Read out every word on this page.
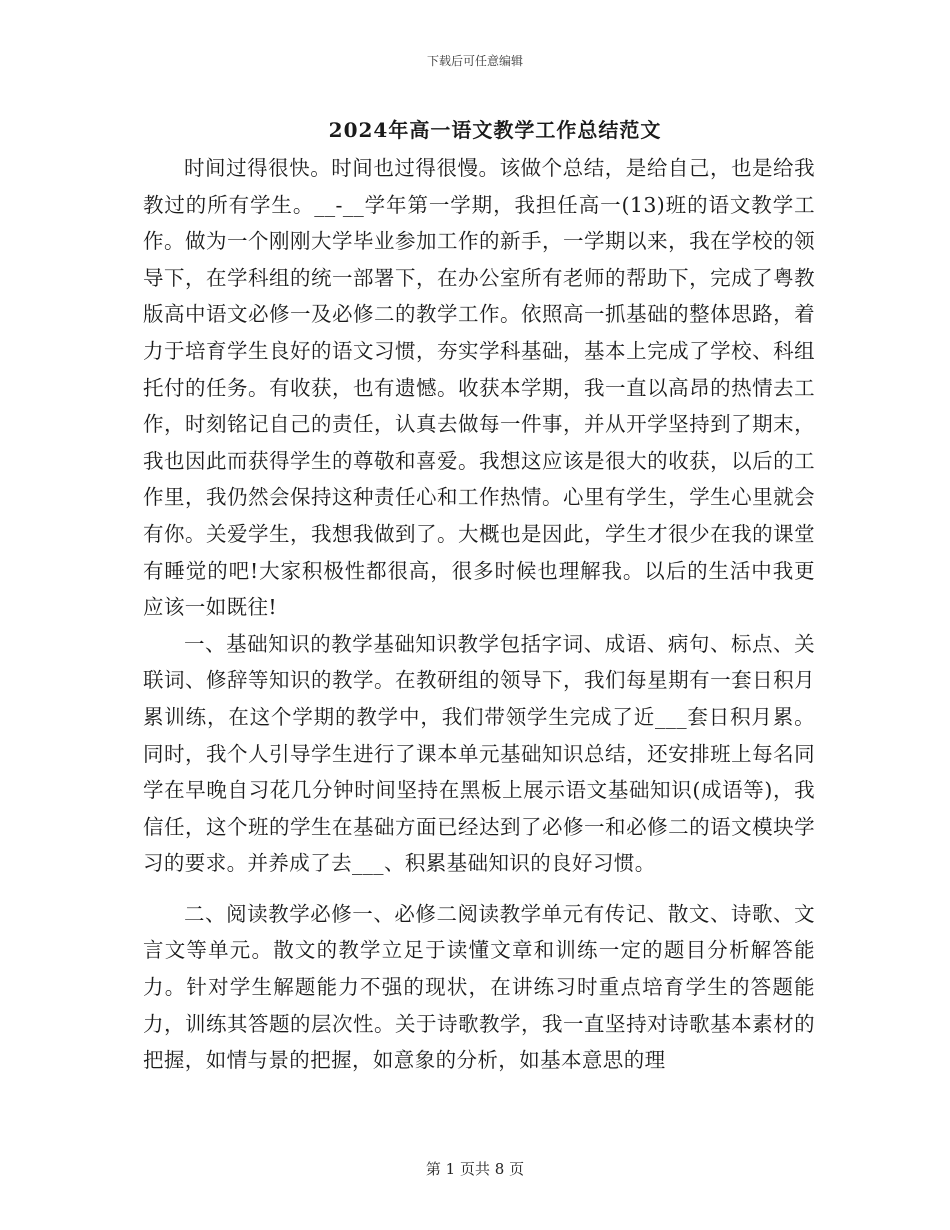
下载后可任意编辑
2024年高一语文教学工作总结范文

时间过得很快。时间也过得很慢。该做个总结，是给自己，也是给我教过的所有学生。__-__学年第一学期，我担任高一(13)班的语文教学工作。做为一个刚刚大学毕业参加工作的新手，一学期以来，我在学校的领导下，在学科组的统一部署下，在办公室所有老师的帮助下，完成了粤教版高中语文必修一及必修二的教学工作。依照高一抓基础的整体思路，着力于培育学生良好的语文习惯，夯实学科基础，基本上完成了学校、科组托付的任务。有收获，也有遗憾。收获本学期，我一直以高昂的热情去工作，时刻铭记自己的责任，认真去做每一件事，并从开学坚持到了期末，我也因此而获得学生的尊敬和喜爱。我想这应该是很大的收获，以后的工作里，我仍然会保持这种责任心和工作热情。心里有学生，学生心里就会有你。关爱学生，我想我做到了。大概也是因此，学生才很少在我的课堂有睡觉的吧!大家积极性都很高，很多时候也理解我。以后的生活中我更应该一如既往!

一、基础知识的教学基础知识教学包括字词、成语、病句、标点、关联词、修辞等知识的教学。在教研组的领导下，我们每星期有一套日积月累训练，在这个学期的教学中，我们带领学生完成了近___套日积月累。同时，我个人引导学生进行了课本单元基础知识总结，还安排班上每名同学在早晚自习花几分钟时间坚持在黑板上展示语文基础知识(成语等)，我信任，这个班的学生在基础方面已经达到了必修一和必修二的语文模块学习的要求。并养成了去___、积累基础知识的良好习惯。

二、阅读教学必修一、必修二阅读教学单元有传记、散文、诗歌、文言文等单元。散文的教学立足于读懂文章和训练一定的题目分析解答能力。针对学生解题能力不强的现状，在讲练习时重点培育学生的答题能力，训练其答题的层次性。关于诗歌教学，我一直坚持对诗歌基本素材的把握，如情与景的把握，如意象的分析，如基本意思的理

第 1 页共 8 页
